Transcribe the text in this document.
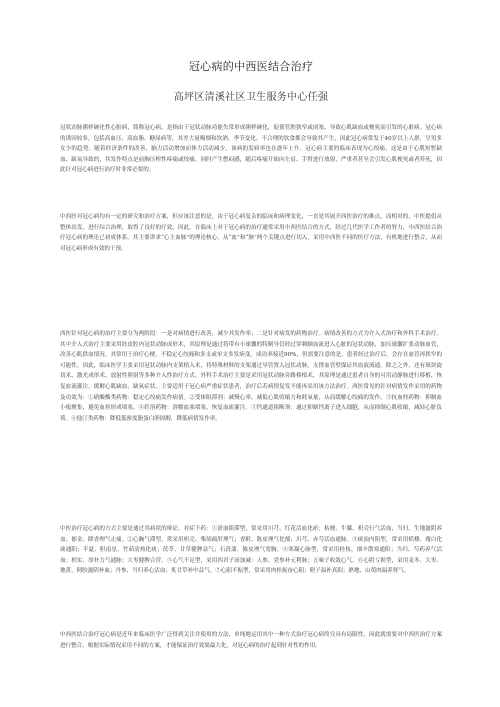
冠心病的中西医结合治疗
高坪区清溪社区卫生服务中心任强

冠状动脉粥样硬化性心脏病，简称冠心病，是指由于冠状动脉功能失常形成粥样硬化，促使管腔狭窄或闭塞，导致心肌缺血或梗死而引发的心脏病。冠心病的诱因较多，包括高血压、高血脂、糖尿病等，其差大量吸烟和饮酒、季节变化、不合理的饮食都会导致其产生，因此冠心病常发于40岁以上人群，呈男多女少的趋势。随着经济条件的改善，脑力活动增加而体力活动减少，该病的发病率也在逐年上升。冠心病主要的临床表现为心绞痛，这是由于心肌短暂缺血、缺氧导致的，其发作特点是前胸压榨性疼痛或绞痛，同时产生憋闷感，随后疼痛开始向左肩、手臂进行放射，严重者甚至会引发心肌梗死或者猝死，因此针对冠心病进行治疗时非常必要的。

中西医对冠心病均有一定的研究和治疗方案，但应该注意的是，由于冠心病复杂的临床和病理变化，一直是其展开西医治疗的难点，而相对的，中医提倡从整体出发，进行综合治理，取得了良好的疗效，因此，在临床上对于冠心病的治疗通常采用中西医结合的方式，经过几代医学工作者的努力，中西医结合治疗冠心病的理论已初成体系。其主要讲求“心主血脉”的理论核心，从“血”和“脉”两个关键点进行切入，采用中西医不同的医疗方法，有机地进行整合，从而对冠心病形成有效的干预。

西医针对冠心病的治疗主要分为两阶段：一是对病情进行改善，减少其发作率；二是针对病发的药物治疗。病情改善的方式为介入式治疗和外科手术治疗。其中介入式治疗主要采用经皮腔内冠状动脉成形术，其原理是通过将带有小球囊的特制导管经过穿刺顺血流进入心脏的冠状动脉，加压球囊扩张动脉血管，改善心肌供血情况。其常用于治疗心梗、不稳定心绞痛和多支或单支多发病变，成功率接近90%，但需要注意的是，患者经过治疗后，会存在血管再狭窄的可能性。因此，临床医学主张采用冠状动脉内支架植入术，将特殊材料的支架通过导管置入冠状动脉，支撑血管壁保证其血液流通。除之之外，还有斑块旋切术、激光成形术、放射性照射等多种介入性治疗方式。外科手术治疗主要是采用冠状动脉旁路移植术，其原理是通过患者自身的可用动静脉进行移植，恢复血流灌注，缓解心肌缺血、缺氧症状。主要适用于冠心病严重症状患者，治疗后若病情复发不能再采用该方法治疗。西医常见的针对病情发作采用的药物及功效为：①硝酸酯类药物：稳定心绞痛发作病情。②受体阻滞剂：减慢心率，减低心肌收缩力和耗氧量，从而缓解心绞痛的发作。③抗血栓药物：抑制血小板聚集，避免血栓形成堵塞。④纤溶药物：溶解血塞堵塞，恢复血流灌注。⑤钙通道阻断剂：通过抑制钙离子进入细胞，从而抑制心肌收缩，减轻心脏负荷。⑥他汀类药物：降低低密度脂蛋白胆固醇，降低病情发作率。

中医治疗冠心病的方式主要是通过其病状的辩证，对症下药：①淤血阻滞型，常采用川芎、红花活血化瘀；枯梗、牛膝、枳壳行气活血，当归、生地滋阴养血；郁金、降香理气止痛。②心胸气滞型，常采用枳壳、柴胡疏肝理气；香附、陈皮理气化郁；川芎、赤芍活血通脉。③痰浊内阻型，常采用栝楼、薤白化痰通阳；半夏、胆南星、竹茹清热化痰；茯苓、甘草健脾益气；石菖蒲、陈皮理气宽胸。④寒凝心脉型，常采用桂枝、细辛散寒通阳；当归、芍药养气活血；枳实、厚朴力气通脉；大枣健脾合营。⑤心气不足型，采用四君子汤加减：人参、党参补元利脉；五味子收敛心气。⑥心阴亏损型，采用麦冬、大枣、地黄、阿胶滋阴补血；丹参、当归养心活血；炙甘草补中益气。⑦心阳不振型，常采用肉桂振奋心阳；附子温补真阳；熟地、山萸肉温养肾气。

中西医结合治疗冠心病是近年来临床医学广泛得到关注并使用的方法，单纯地运用其中一种方式治疗冠心病终究具有局限性，因此就需要对中西医治疗方案进行整合，根据实际情况采用不同的方案，才能保证治疗效果最大化，对冠心病的治疗起到针对性的作用。
